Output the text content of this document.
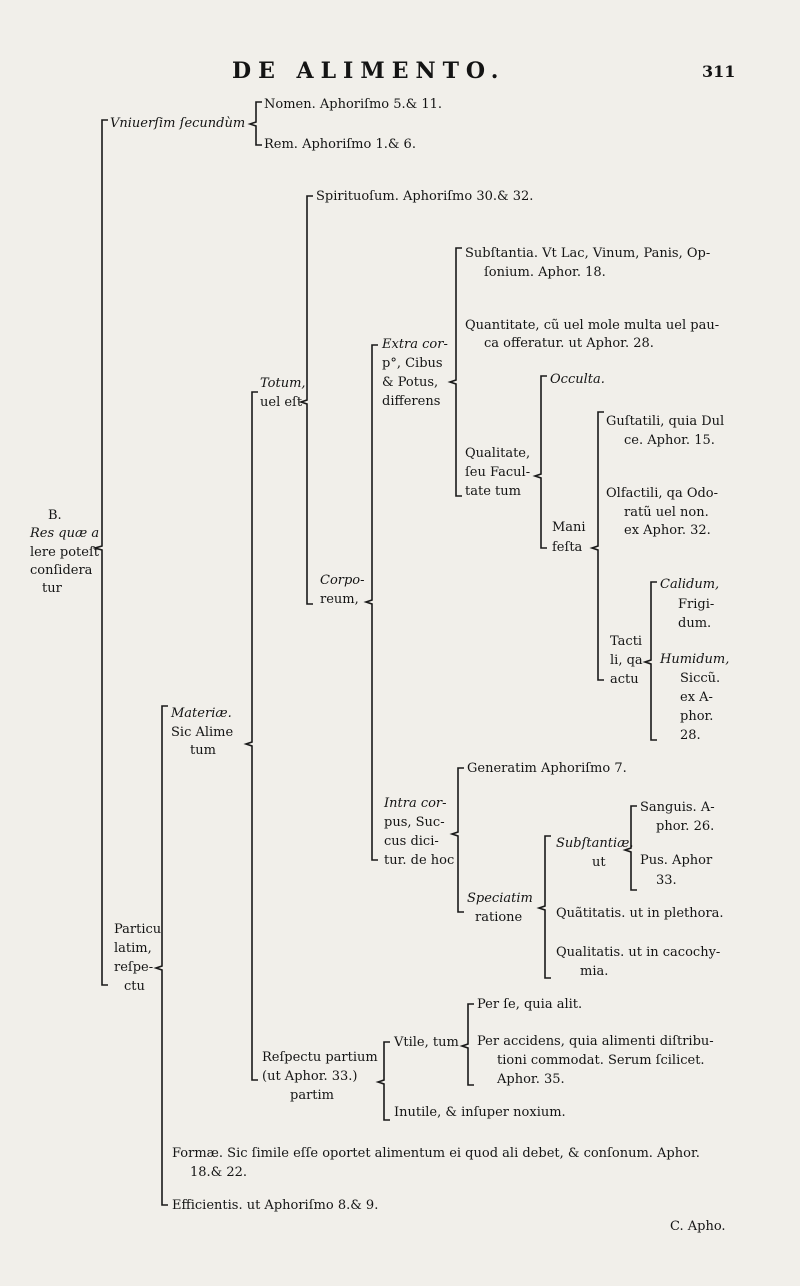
DE ALIMENTO.	311
B.
Res quæ a
lere poteſt
conſidera
tur
Vniuerſim ſecundùm
Nomen. Aphoriſmo 5.& 11.
Rem. Aphoriſmo 1.& 6.
Spirituoſum. Aphoriſmo 30.& 32.
Subſtantia. Vt Lac, Vinum, Panis, Op-
ſonium. Aphor. 18.
Quantitate, cũ uel mole multa uel pau-
ca offeratur. ut Aphor. 28.
Extra cor-
p°, Cibus
& Potus,
differens
Totum,
uel eſt
Occulta.
Guſtatili, quia Dul
ce. Aphor. 15.
Qualitate,
ſeu Facul-
tate tum	Olfactili, qa Odo-
ratũ uel non.
ex Aphor. 32.
Mani
feſta
Corpo-
reum,
Calidum,
Frigi-
dum.
Tacti
li, qa
actu
Humidum,
Siccũ.
ex A-
phor.
28.
Materiæ.
Sic Alime
tum
Generatim Aphoriſmo 7.
Sanguis. A-
phor. 26.
Intra cor-
pus, Suc-
cus dici-
tur. de hoc
Subſtantiæ.
ut	Pus. Aphor
33.
Speciatim
ratione	Quãtitatis. ut in plethora.
Qualitatis. ut in cacochy-
mia.
Particu
latim,
reſpe-
ctu
Per ſe, quia alit.
Per accidens, quia alimenti diſtribu-
tioni commodat. Serum ſcilicet.
Aphor. 35.
Vtile, tum
Reſpectu partium
(ut Aphor. 33.)
partim
Inutile, & inſuper noxium.
Formæ. Sic ſimile eſſe oportet alimentum ei quod ali debet, & conſonum. Aphor.
18.& 22.
Efficientis. ut Aphoriſmo 8.& 9.
C. Apho.
